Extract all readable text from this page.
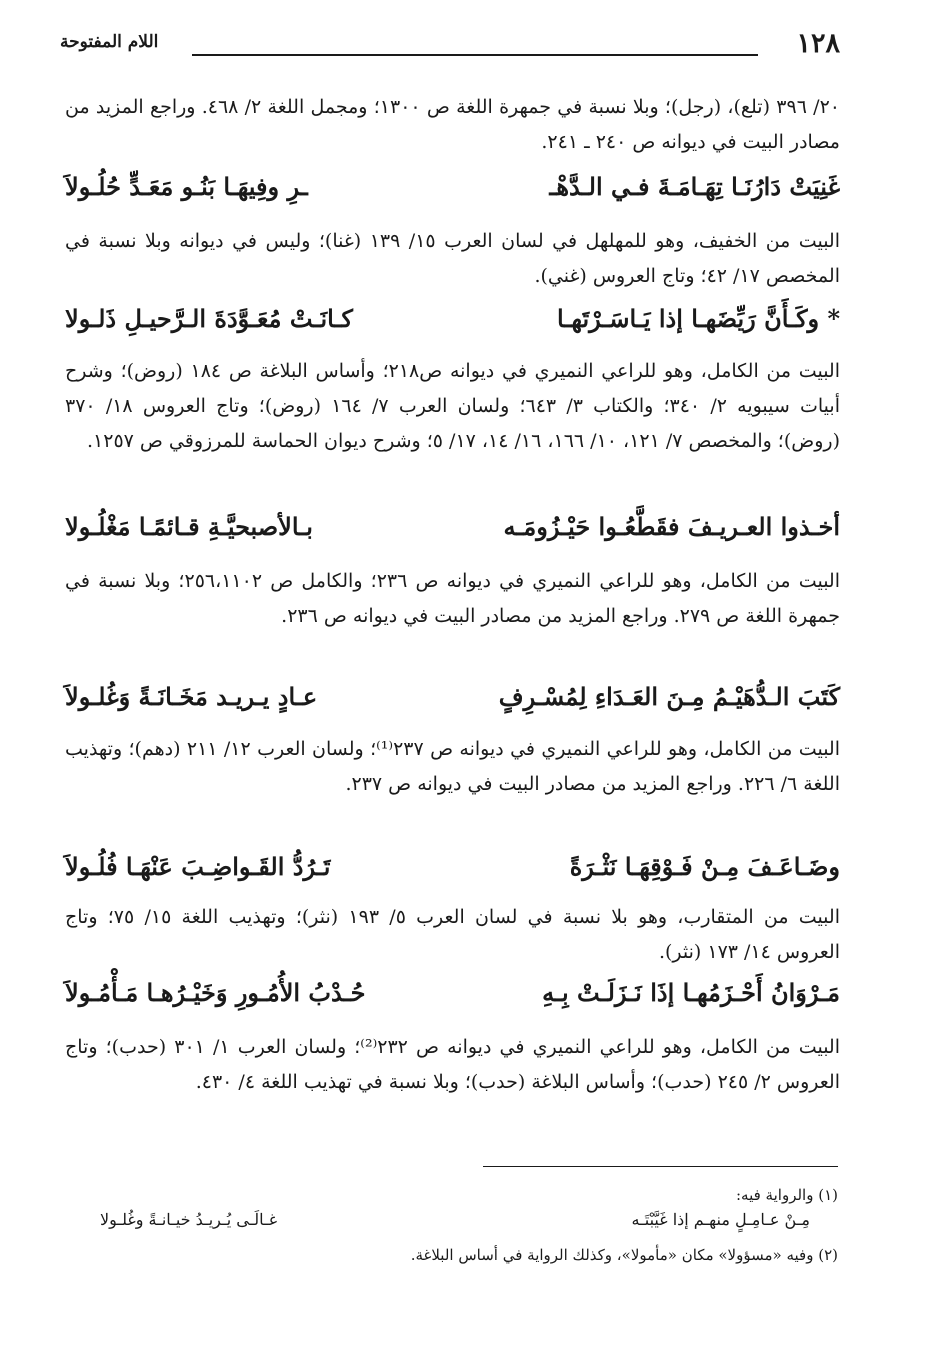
١٢٨
اللام المفتوحة
٢٠/ ٣٩٦ (تلع)، (رجل)؛ وبلا نسبة في جمهرة اللغة ص ١٣٠٠؛ ومجمل اللغة ٢/ ٤٦٨. وراجع المزيد من مصادر البيت في ديوانه ص ٢٤٠ ـ ٢٤١.
غَنِيَتْ دَارُنَـا تِهَـامَـةَ فـي الـدَّهْـ
ـرِ وفِيهَـا بَنُـو مَعَـدٍّ حُلُـولاَ
البيت من الخفيف، وهو للمهلهل في لسان العرب ١٥/ ١٣٩ (غنا)؛ وليس في ديوانه وبلا نسبة في المخصص ١٧/ ٤٢؛ وتاج العروس (غني).
* وكَـأَنَّ رَيِّضَهـا إذا يَـاسَـرْتَهـا
كـانَـتْ مُعَـوَّدَةَ الـرَّحيـلِ ذَلـولا
البيت من الكامل، وهو للراعي النميري في ديوانه ص٢١٨؛ وأساس البلاغة ص ١٨٤ (روض)؛ وشرح أبيات سيبويه ٢/ ٣٤٠؛ والكتاب ٣/ ٦٤٣؛ ولسان العرب ٧/ ١٦٤ (روض)؛ وتاج العروس ١٨/ ٣٧٠ (روض)؛ والمخصص ٧/ ١٢١، ١٠/ ١٦٦، ١٦/ ١٤، ١٧/ ٥؛ وشرح ديوان الحماسة للمرزوقي ص ١٢٥٧.
أخـذوا العـريـفَ فقَطَّعُـوا حَيْـزُومَـه
بـالأصبحيَّـةِ قـائمًـا مَغْلُـولا
البيت من الكامل، وهو للراعي النميري في ديوانه ص ٢٣٦؛ والكامل ص ٢٥٦،١١٠٢؛ وبلا نسبة في جمهرة اللغة ص ٢٧٩. وراجع المزيد من مصادر البيت في ديوانه ص ٢٣٦.
كَتَبَ الـدُّهَيْـمُ مِـنَ العَـدَاءِ لِمُسْـرِفٍ
عـادٍ يـريـد مَخَـانَـةً وَغُلـولاَ
البيت من الكامل، وهو للراعي النميري في ديوانه ص ٢٣٧⁽¹⁾؛ ولسان العرب ١٢/ ٢١١ (دهم)؛ وتهذيب اللغة ٦/ ٢٢٦. وراجع المزيد من مصادر البيت في ديوانه ص ٢٣٧.
وضَـاعَـفَ مِـنْ فَـوْقِهَـا نَثْـرَةً
تَـرُدُّ القَـواضِـبَ عَنْهَـا فُلُـولاَ
البيت من المتقارب، وهو بلا نسبة في لسان العرب ٥/ ١٩٣ (نثر)؛ وتهذيب اللغة ١٥/ ٧٥؛ وتاج العروس ١٤/ ١٧٣ (نثر).
مَـرْوَانُ أَحْـزَمُهـا إذَا نَـزَلَـتْ بِـهِ
حُـدْبُ الأُمُـورِ وَخَيْـرُهـا مَـأْمُـولاَ
البيت من الكامل، وهو للراعي النميري في ديوانه ص ٢٣٢⁽²⁾؛ ولسان العرب ١/ ٣٠١ (حدب)؛ وتاج العروس ٢/ ٢٤٥ (حدب)؛ وأساس البلاغة (حدب)؛ وبلا نسبة في تهذيب اللغة ٤/ ٤٣٠.
(١) والرواية فيه:
مِـنْ عـامِـلٍ منهـم إذا غَيَّبْتَـه
غـالَـى يُـريـدُ خيـانـةً وغُلـولا
(٢) وفيه «مسؤولا» مكان «مأمولا»، وكذلك الرواية في أساس البلاغة.
